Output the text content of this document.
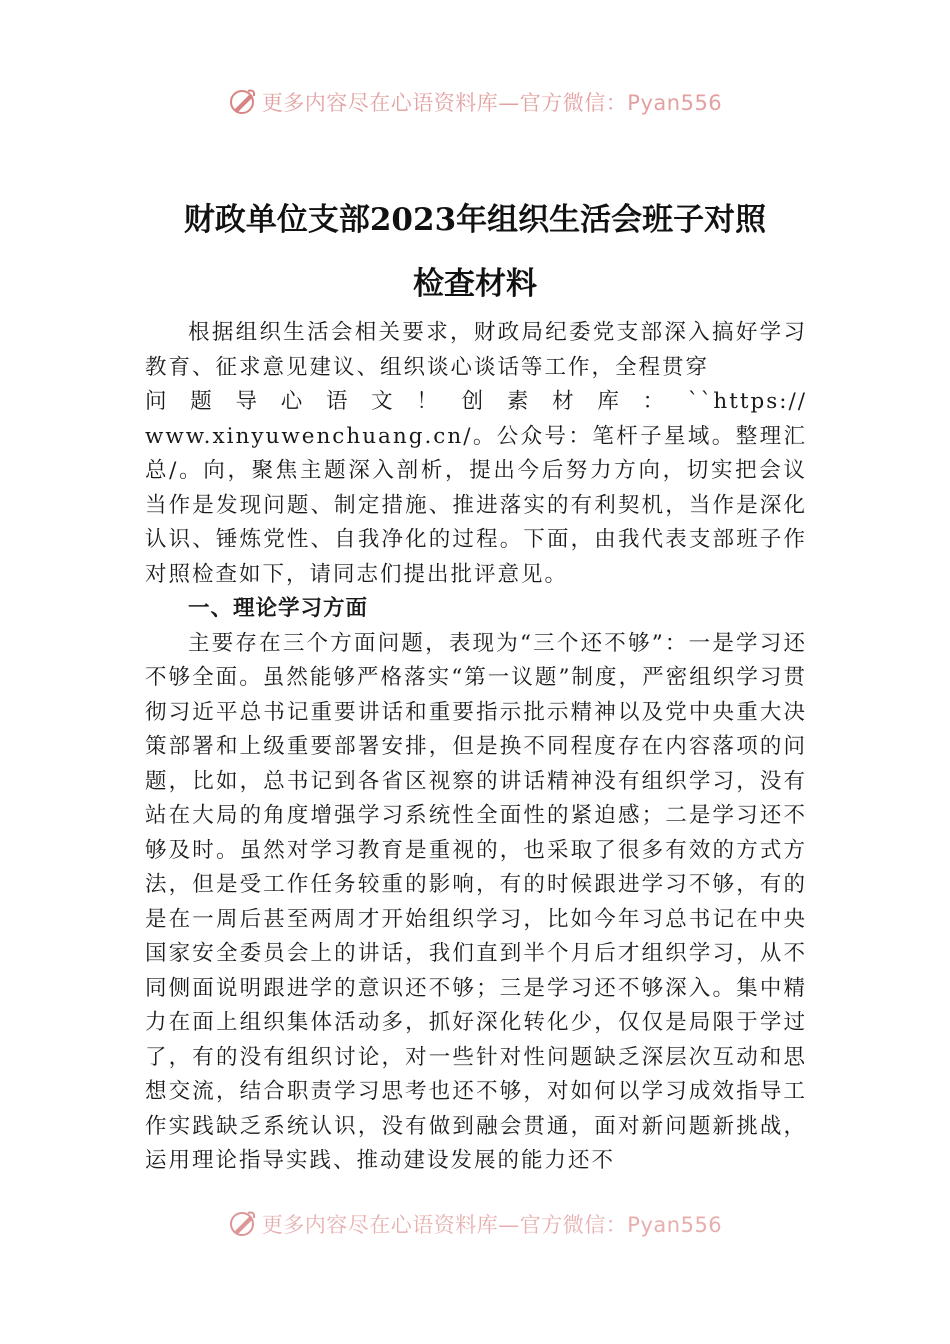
更多内容尽在心语资料库—官方微信：Pyan556
财政单位支部2023年组织生活会班子对照
检查材料

根据组织生活会相关要求，财政局纪委党支部深入搞好学习教育、征求意见建议、组织谈心谈话等工作，全程贯穿

问题导心语文！创素材库：``https://

www.xinyuwenchuang.cn/。公众号：笔杆子星域。整理汇总/。向，聚焦主题深入剖析，提出今后努力方向，切实把会议当作是发现问题、制定措施、推进落实的有利契机，当作是深化认识、锤炼党性、自我净化的过程。下面，由我代表支部班子作对照检查如下，请同志们提出批评意见。

一、理论学习方面

主要存在三个方面问题，表现为“三个还不够”：一是学习还不够全面。虽然能够严格落实“第一议题”制度，严密组织学习贯彻习近平总书记重要讲话和重要指示批示精神以及党中央重大决策部署和上级重要部署安排，但是换不同程度存在内容落项的问题，比如，总书记到各省区视察的讲话精神没有组织学习，没有站在大局的角度增强学习系统性全面性的紧迫感；二是学习还不够及时。虽然对学习教育是重视的，也采取了很多有效的方式方法，但是受工作任务较重的影响，有的时候跟进学习不够，有的是在一周后甚至两周才开始组织学习，比如今年习总书记在中央国家安全委员会上的讲话，我们直到半个月后才组织学习，从不同侧面说明跟进学的意识还不够；三是学习还不够深入。集中精力在面上组织集体活动多，抓好深化转化少，仅仅是局限于学过了，有的没有组织讨论，对一些针对性问题缺乏深层次互动和思想交流，结合职责学习思考也还不够，对如何以学习成效指导工作实践缺乏系统认识，没有做到融会贯通，面对新问题新挑战，运用理论指导实践、推动建设发展的能力还不

更多内容尽在心语资料库—官方微信：Pyan556
